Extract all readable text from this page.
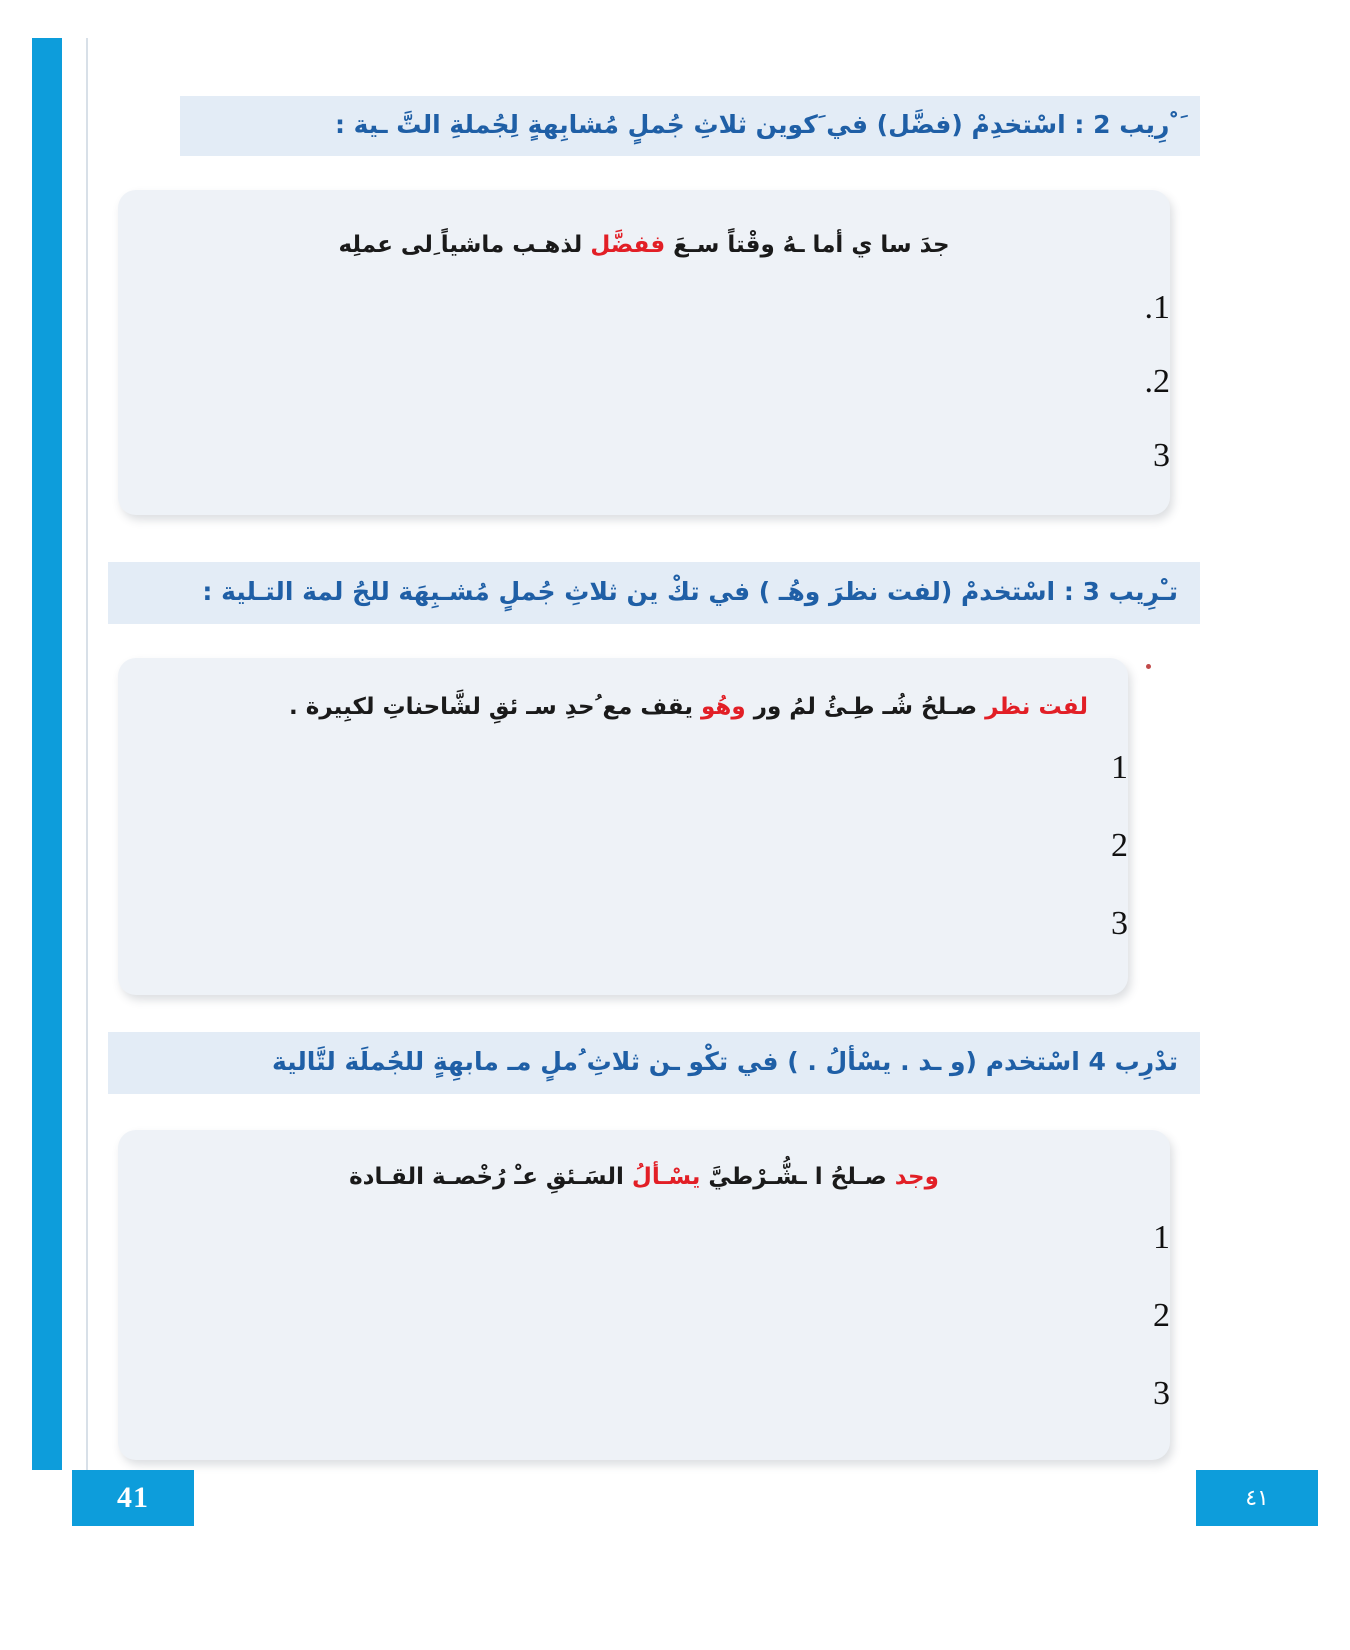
َ ْرِيب 2 : اسْتخدِمْ (فضَّل) في َكوين ثلاثِ جُملٍ مُشابِهةٍ لِجُملةِ التَّ ـية :
جدَ سا ي أما ـهُ وقْتاً سـعَ ففضَّل لذهـب ماشياً ِلى عملِه
1.
2.
3
تـْرِيب 3 : اسْتخدمْ (لفت نظرَ وهُـ ) في تكْ ين ثلاثِ جُملٍ مُشـبِهَة للجُ لمة التـلية :
لفت نظر صـلحُ شُـ طِـئُ لمُ ور وهُو يقف مع ُحدِ سـ ئقِ لشَّاحناتِ لكبِيرة .
1
2
3
تدْرِب 4 اسْتخدم (و ـد . يسْألُ . ) في تكْو ـن ثلاثِ ُملٍ مـ مابهِةٍ للجُملَة لتَّالية
وجد صـلحُ ا ـشُّـرْطيَّ يسْـألُ السَـئقِ عـْ رُخْصـة القـادة
1
2
3
41	٤١
